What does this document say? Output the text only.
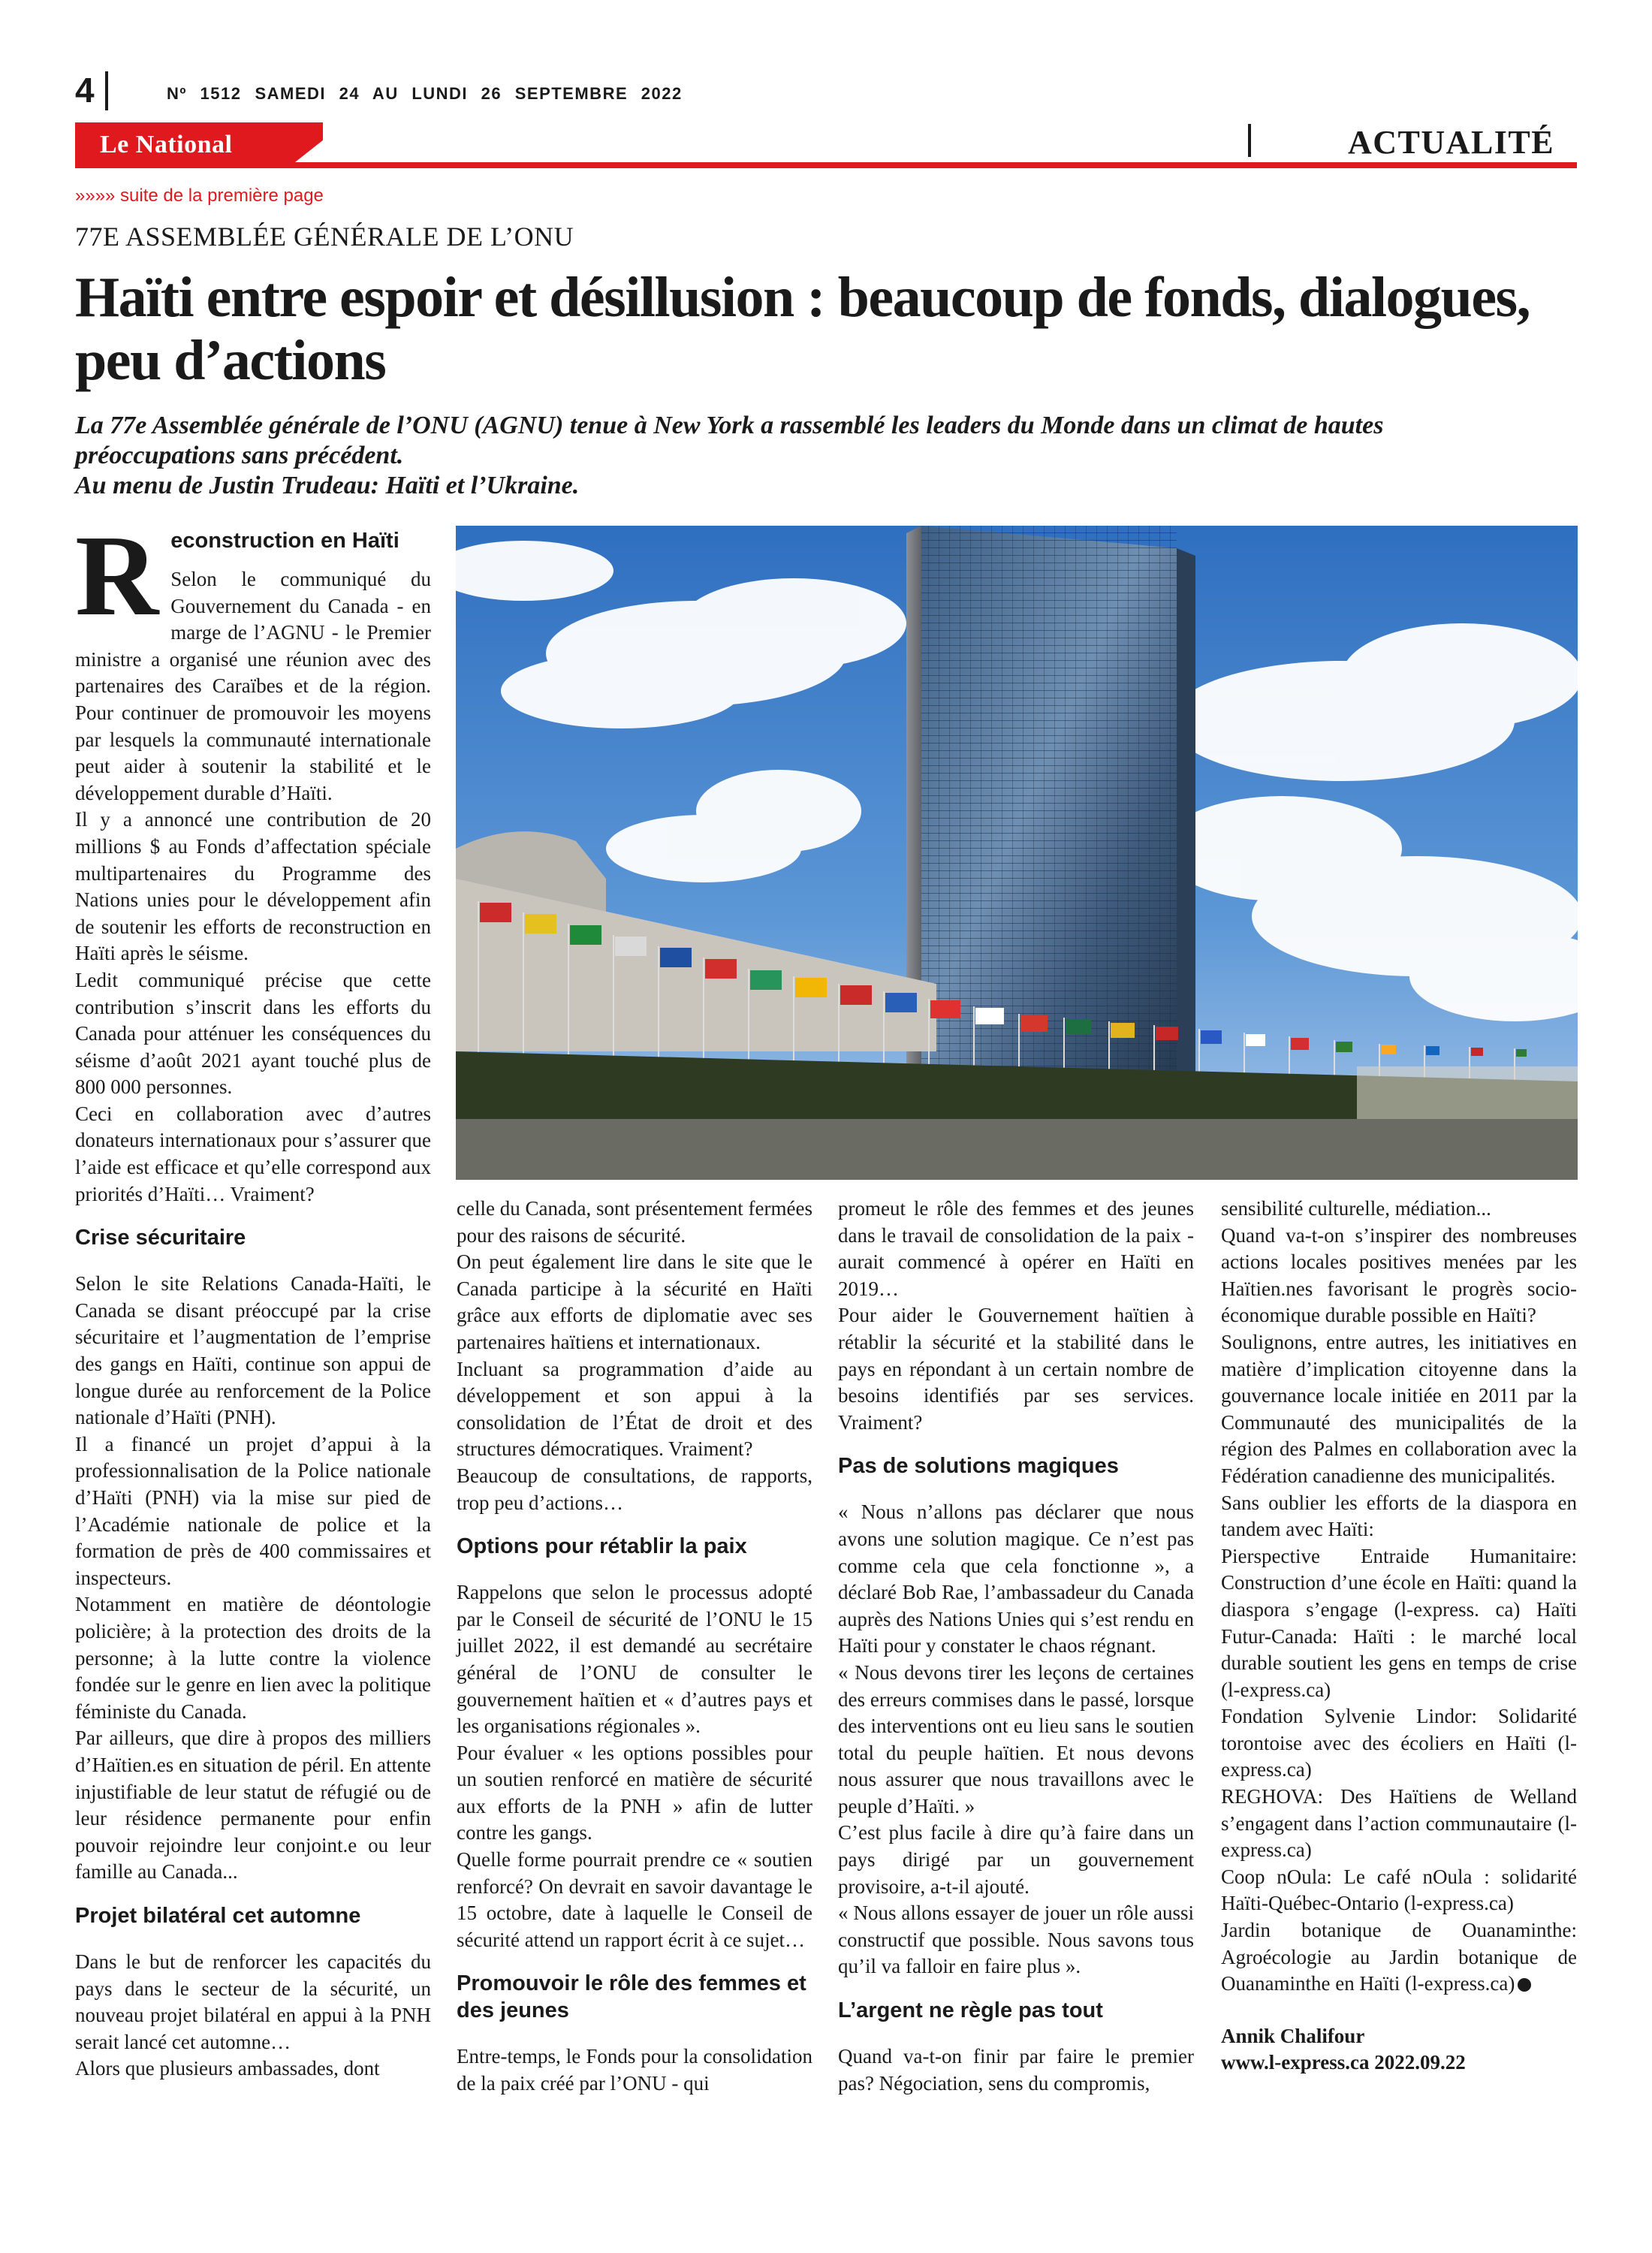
4	Nº 1512 SAMEDI 24 AU LUNDI 26 SEPTEMBRE 2022
Le National	ACTUALITÉ
»»»» suite de la première page
77E ASSEMBLÉE GÉNÉRALE DE L’ONU
Haïti entre espoir et désillusion : beaucoup de fonds, dialogues, peu d’actions
La 77e Assemblée générale de l’ONU (AGNU) tenue à New York a rassemblé les leaders du Monde dans un climat de hautes
préoccupations sans précédent.
Au menu de Justin Trudeau: Haïti et l’Ukraine.
R econstruction en Haïti

Selon le communiqué du Gouvernement du Canada - en marge de l’AGNU - le Premier ministre a organisé une réunion avec des partenaires des Caraïbes et de la région. Pour continuer de promouvoir les moyens par lesquels la communauté internationale peut aider à soutenir la stabilité et le développement durable d’Haïti.

Il y a annoncé une contribution de 20 millions $ au Fonds d’affectation spéciale multipartenaires du Programme des Nations unies pour le développement afin de soutenir les efforts de reconstruction en Haïti après le séisme.

Ledit communiqué précise que cette contribution s’inscrit dans les efforts du Canada pour atténuer les conséquences du séisme d’août 2021 ayant touché plus de 800 000 personnes.

Ceci en collaboration avec d’autres donateurs internationaux pour s’assurer que l’aide est efficace et qu’elle correspond aux priorités d’Haïti… Vraiment?

Crise sécuritaire

Selon le site Relations Canada-Haïti, le Canada se disant préoccupé par la crise sécuritaire et l’augmentation de l’emprise des gangs en Haïti, continue son appui de longue durée au renforcement de la Police nationale d’Haïti (PNH).

Il a financé un projet d’appui à la professionnalisation de la Police nationale d’Haïti (PNH) via la mise sur pied de l’Académie nationale de police et la formation de près de 400 commissaires et inspecteurs.

Notamment en matière de déontologie policière; à la protection des droits de la personne; à la lutte contre la violence fondée sur le genre en lien avec la politique féministe du Canada.

Par ailleurs, que dire à propos des milliers d’Haïtien.es en situation de péril. En attente injustifiable de leur statut de réfugié ou de leur résidence permanente pour enfin pouvoir rejoindre leur conjoint.e ou leur famille au Canada...

Projet bilatéral cet automne

Dans le but de renforcer les capacités du pays dans le secteur de la sécurité, un nouveau projet bilatéral en appui à la PNH serait lancé cet automne…

Alors que plusieurs ambassades, dont

celle du Canada, sont présentement fermées pour des raisons de sécurité.

On peut également lire dans le site que le Canada participe à la sécurité en Haïti grâce aux efforts de diplomatie avec ses partenaires haïtiens et internationaux.

Incluant sa programmation d’aide au développement et son appui à la consolidation de l’État de droit et des structures démocratiques. Vraiment?

Beaucoup de consultations, de rapports, trop peu d’actions…

Options pour rétablir la paix

Rappelons que selon le processus adopté par le Conseil de sécurité de l’ONU le 15 juillet 2022, il est demandé au secrétaire général de l’ONU de consulter le gouvernement haïtien et « d’autres pays et les organisations régionales ».

Pour évaluer « les options possibles pour un soutien renforcé en matière de sécurité aux efforts de la PNH » afin de lutter contre les gangs.

Quelle forme pourrait prendre ce « soutien renforcé? On devrait en savoir davantage le 15 octobre, date à laquelle le Conseil de sécurité attend un rapport écrit à ce sujet…

Promouvoir le rôle des femmes et des jeunes

Entre-temps, le Fonds pour la consolidation de la paix créé par l’ONU - qui

promeut le rôle des femmes et des jeunes dans le travail de consolidation de la paix - aurait commencé à opérer en Haïti en 2019…

Pour aider le Gouvernement haïtien à rétablir la sécurité et la stabilité dans le pays en répondant à un certain nombre de besoins identifiés par ses services. Vraiment?

Pas de solutions magiques

« Nous n’allons pas déclarer que nous avons une solution magique. Ce n’est pas comme cela que cela fonctionne », a déclaré Bob Rae, l’ambassadeur du Canada auprès des Nations Unies qui s’est rendu en Haïti pour y constater le chaos régnant.

« Nous devons tirer les leçons de certaines des erreurs commises dans le passé, lorsque des interventions ont eu lieu sans le soutien total du peuple haïtien. Et nous devons nous assurer que nous travaillons avec le peuple d’Haïti. »

C’est plus facile à dire qu’à faire dans un pays dirigé par un gouvernement provisoire, a-t-il ajouté.

« Nous allons essayer de jouer un rôle aussi constructif que possible. Nous savons tous qu’il va falloir en faire plus ».

L’argent ne règle pas tout

Quand va-t-on finir par faire le premier pas? Négociation, sens du compromis,

sensibilité culturelle, médiation...

Quand va-t-on s’inspirer des nombreuses actions locales positives menées par les Haïtien.nes favorisant le progrès socio-économique durable possible en Haïti?

Soulignons, entre autres, les initiatives en matière d’implication citoyenne dans la gouvernance locale initiée en 2011 par la Communauté des municipalités de la région des Palmes en collaboration avec la Fédération canadienne des municipalités.

Sans oublier les efforts de la diaspora en tandem avec Haïti:

Pierspective Entraide Humanitaire: Construction d’une école en Haïti: quand la diaspora s’engage (l-express. ca) Haïti Futur-Canada: Haïti : le marché local durable soutient les gens en temps de crise (l-express.ca)

Fondation Sylvenie Lindor: Solidarité torontoise avec des écoliers en Haïti (l-express.ca)

REGHOVA: Des Haïtiens de Welland s’engagent dans l’action communautaire (l-express.ca)

Coop nOula: Le café nOula : solidarité Haïti-Québec-Ontario (l-express.ca)

Jardin botanique de Ouanaminthe: Agroécologie au Jardin botanique de Ouanaminthe en Haïti (l-express.ca)

Annik Chalifour

www.l-express.ca 2022.09.22
